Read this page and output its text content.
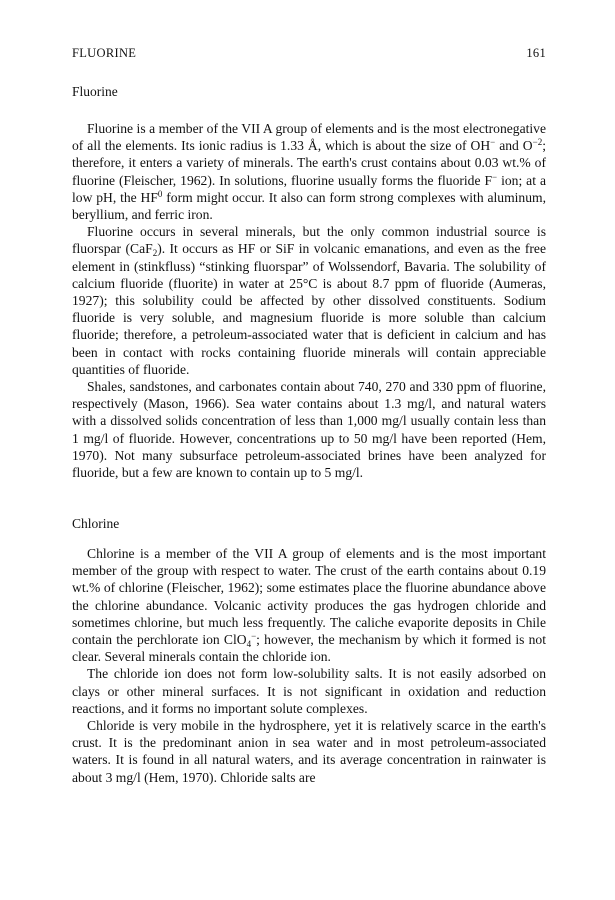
FLUORINE	161
Fluorine

Fluorine is a member of the VII A group of elements and is the most electronegative of all the elements. Its ionic radius is 1.33 Å, which is about the size of OH− and $O^{-2}$; therefore, it enters a variety of minerals. The earth's crust contains about 0.03 wt.% of fluorine (Fleischer, 1962). In solutions, fluorine usually forms the fluoride F− ion; at a low pH, the $HF^0$ form might occur. It also can form strong complexes with aluminum, beryllium, and ferric iron.

Fluorine occurs in several minerals, but the only common industrial source is fluorspar (CaF$_2$). It occurs as HF or SiF in volcanic emanations, and even as the free element in (stinkfluss) “stinking fluorspar” of Wolssendorf, Bavaria. The solubility of calcium fluoride (fluorite) in water at 25°C is about 8.7 ppm of fluoride (Aumeras, 1927); this solubility could be affected by other dissolved constituents. Sodium fluoride is very soluble, and magnesium fluoride is more soluble than calcium fluoride; therefore, a petroleum-associated water that is deficient in calcium and has been in contact with rocks containing fluoride minerals will contain appreciable quantities of fluoride.

Shales, sandstones, and carbonates contain about 740, 270 and 330 ppm of fluorine, respectively (Mason, 1966). Sea water contains about 1.3 mg/l, and natural waters with a dissolved solids concentration of less than 1,000 mg/l usually contain less than 1 mg/l of fluoride. However, concentrations up to 50 mg/l have been reported (Hem, 1970). Not many subsurface petroleum-associated brines have been analyzed for fluoride, but a few are known to contain up to 5 mg/l.

Chlorine

Chlorine is a member of the VII A group of elements and is the most important member of the group with respect to water. The crust of the earth contains about 0.19 wt.% of chlorine (Fleischer, 1962); some estimates place the fluorine abundance above the chlorine abundance. Volcanic activity produces the gas hydrogen chloride and sometimes chlorine, but much less frequently. The caliche evaporite deposits in Chile contain the perchlorate ion ClO$_4$−; however, the mechanism by which it formed is not clear. Several minerals contain the chloride ion.

The chloride ion does not form low-solubility salts. It is not easily adsorbed on clays or other mineral surfaces. It is not significant in oxidation and reduction reactions, and it forms no important solute complexes.

Chloride is very mobile in the hydrosphere, yet it is relatively scarce in the earth's crust. It is the predominant anion in sea water and in most petroleum-associated waters. It is found in all natural waters, and its average concentration in rainwater is about 3 mg/l (Hem, 1970). Chloride salts are
